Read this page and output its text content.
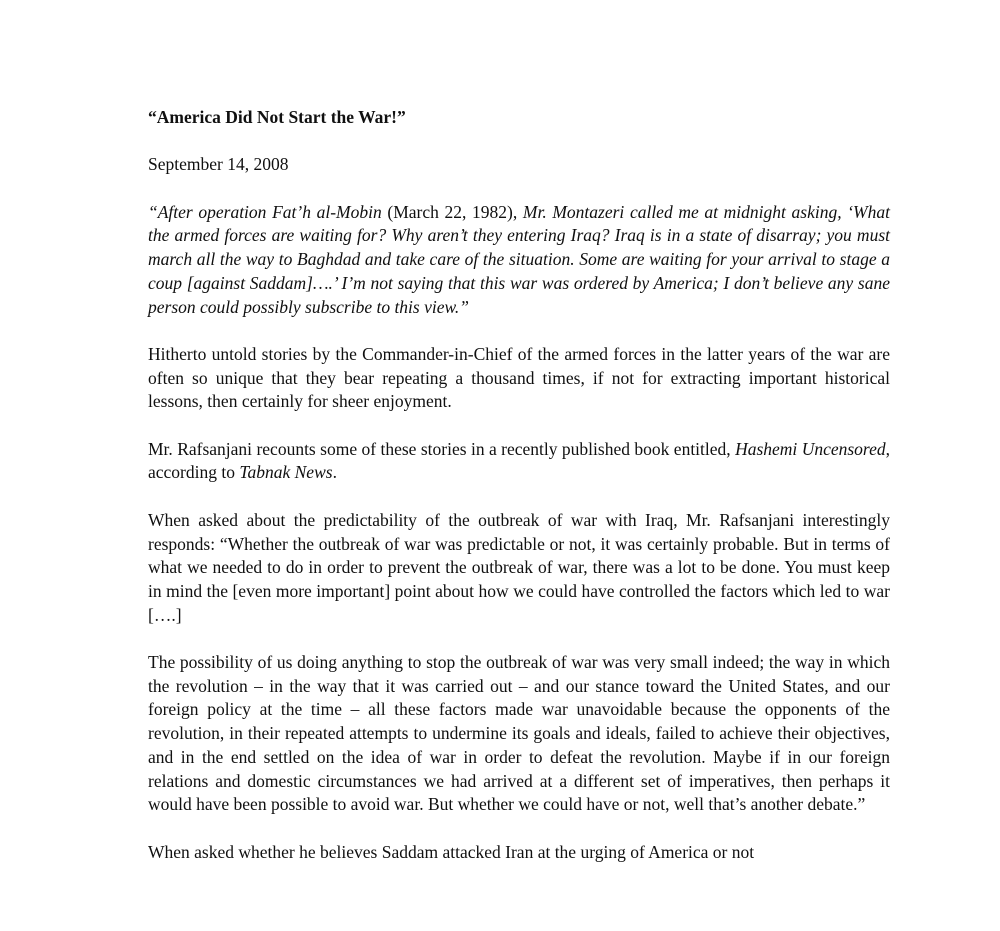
“America Did Not Start the War!”

September 14, 2008

“After operation Fat’h al-Mobin (March 22, 1982), Mr. Montazeri called me at midnight asking, ‘What the armed forces are waiting for? Why aren’t they entering Iraq? Iraq is in a state of disarray; you must march all the way to Baghdad and take care of the situation. Some are waiting for your arrival to stage a coup [against Saddam]….’ I’m not saying that this war was ordered by America; I don’t believe any sane person could possibly subscribe to this view.”

Hitherto untold stories by the Commander-in-Chief of the armed forces in the latter years of the war are often so unique that they bear repeating a thousand times, if not for extracting important historical lessons, then certainly for sheer enjoyment.

Mr. Rafsanjani recounts some of these stories in a recently published book entitled, Hashemi Uncensored, according to Tabnak News.

When asked about the predictability of the outbreak of war with Iraq, Mr. Rafsanjani interestingly responds: “Whether the outbreak of war was predictable or not, it was certainly probable. But in terms of what we needed to do in order to prevent the outbreak of war, there was a lot to be done. You must keep in mind the [even more important] point about how we could have controlled the factors which led to war [….]

The possibility of us doing anything to stop the outbreak of war was very small indeed; the way in which the revolution – in the way that it was carried out – and our stance toward the United States, and our foreign policy at the time – all these factors made war unavoidable because the opponents of the revolution, in their repeated attempts to undermine its goals and ideals, failed to achieve their objectives, and in the end settled on the idea of war in order to defeat the revolution. Maybe if in our foreign relations and domestic circumstances we had arrived at a different set of imperatives, then perhaps it would have been possible to avoid war. But whether we could have or not, well that’s another debate.”

When asked whether he believes Saddam attacked Iran at the urging of America or not
